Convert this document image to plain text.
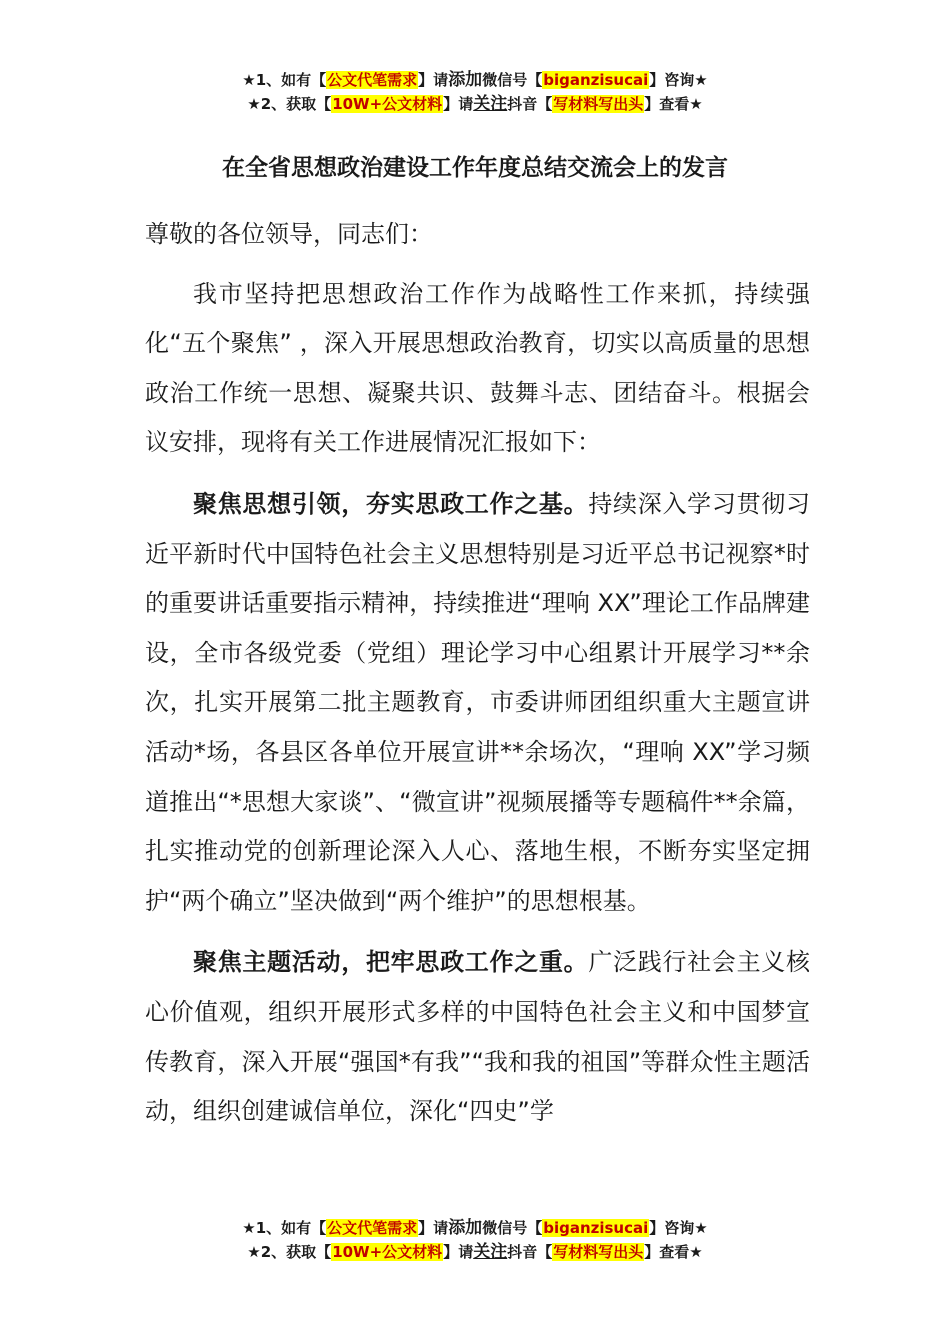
★1、如有【公文代笔需求】请添加微信号【biganzisucai】咨询★
★2、获取【10W+公文材料】请关注抖音【写材料写出头】查看★
在全省思想政治建设工作年度总结交流会上的发言

尊敬的各位领导，同志们：

我市坚持把思想政治工作作为战略性工作来抓，持续强化“五个聚焦” ，深入开展思想政治教育，切实以高质量的思想政治工作统一思想、凝聚共识、鼓舞斗志、团结奋斗。根据会议安排，现将有关工作进展情况汇报如下：

聚焦思想引领，夯实思政工作之基。持续深入学习贯彻习近平新时代中国特色社会主义思想特别是习近平总书记视察*时的重要讲话重要指示精神，持续推进“理响 XX”理论工作品牌建设，全市各级党委（党组）理论学习中心组累计开展学习**余次，扎实开展第二批主题教育，市委讲师团组织重大主题宣讲活动*场，各县区各单位开展宣讲**余场次，“理响 XX”学习频道推出“*思想大家谈”、“微宣讲”视频展播等专题稿件**余篇，扎实推动党的创新理论深入人心、落地生根，不断夯实坚定拥护“两个确立”坚决做到“两个维护”的思想根基。

聚焦主题活动，把牢思政工作之重。广泛践行社会主义核心价值观，组织开展形式多样的中国特色社会主义和中国梦宣传教育，深入开展“强国*有我”“我和我的祖国”等群众性主题活动，组织创建诚信单位，深化“四史”学

★1、如有【公文代笔需求】请添加微信号【biganzisucai】咨询★
★2、获取【10W+公文材料】请关注抖音【写材料写出头】查看★
